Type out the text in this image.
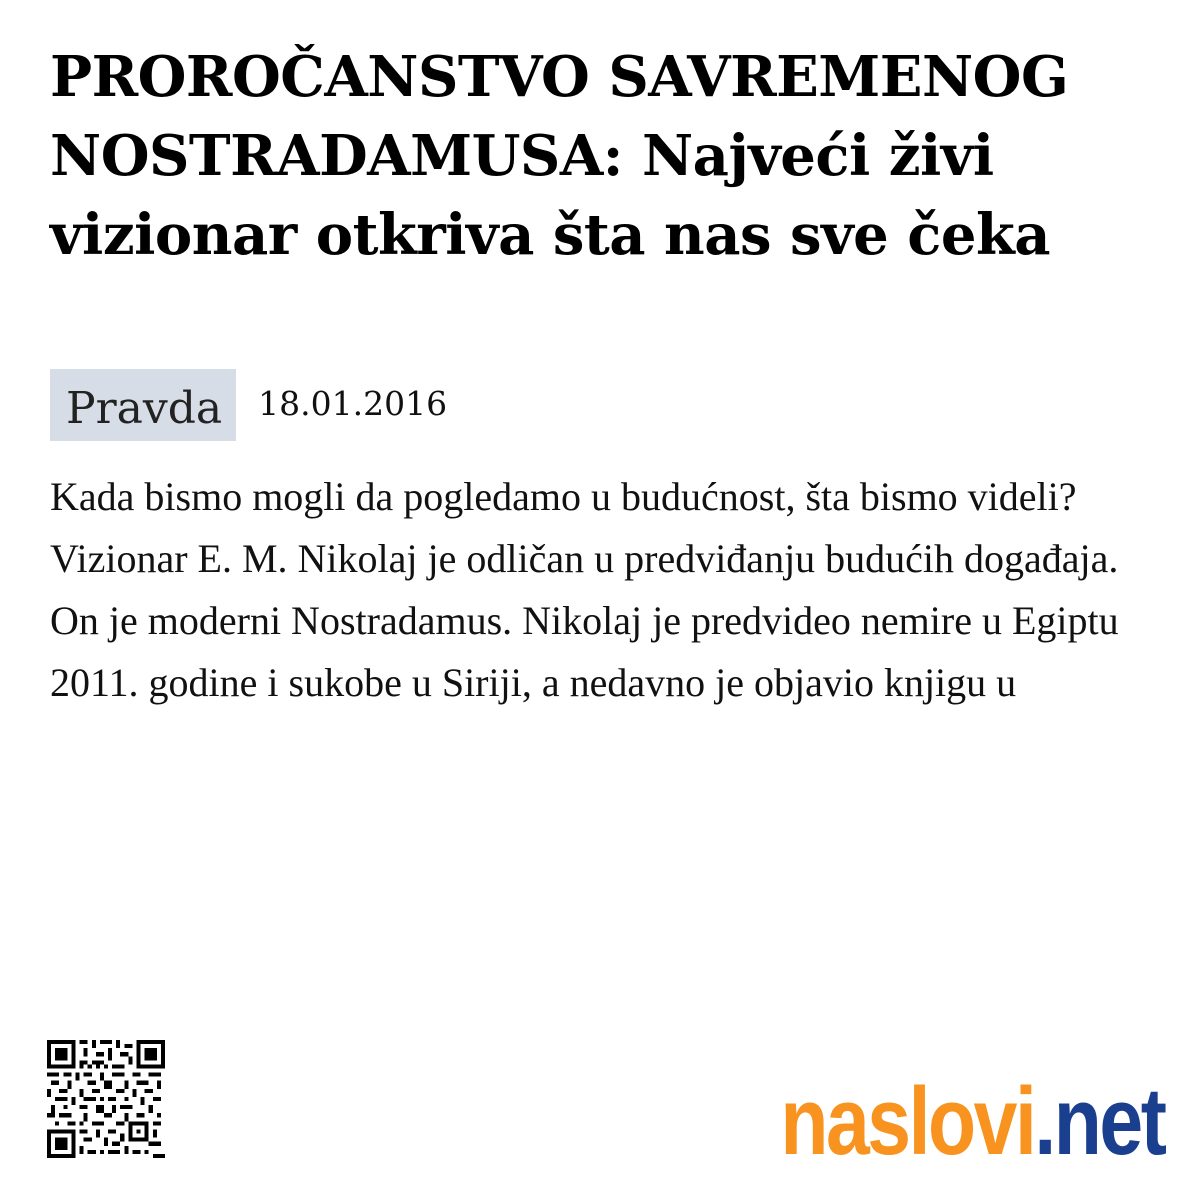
PROROČANSTVO SAVREMENOG NOSTRADAMUSA: Najveći živi vizionar otkriva šta nas sve čeka
Pravda	18.01.2016

Kada bismo mogli da pogledamo u budućnost, šta bismo videli? Vizionar E. M. Nikolaj je odličan u predviđanju budućih događaja. On je moderni Nostradamus. Nikolaj je predvideo nemire u Egiptu 2011. godine i sukobe u Siriji, a nedavno je objavio knjigu u

naslovi .net
